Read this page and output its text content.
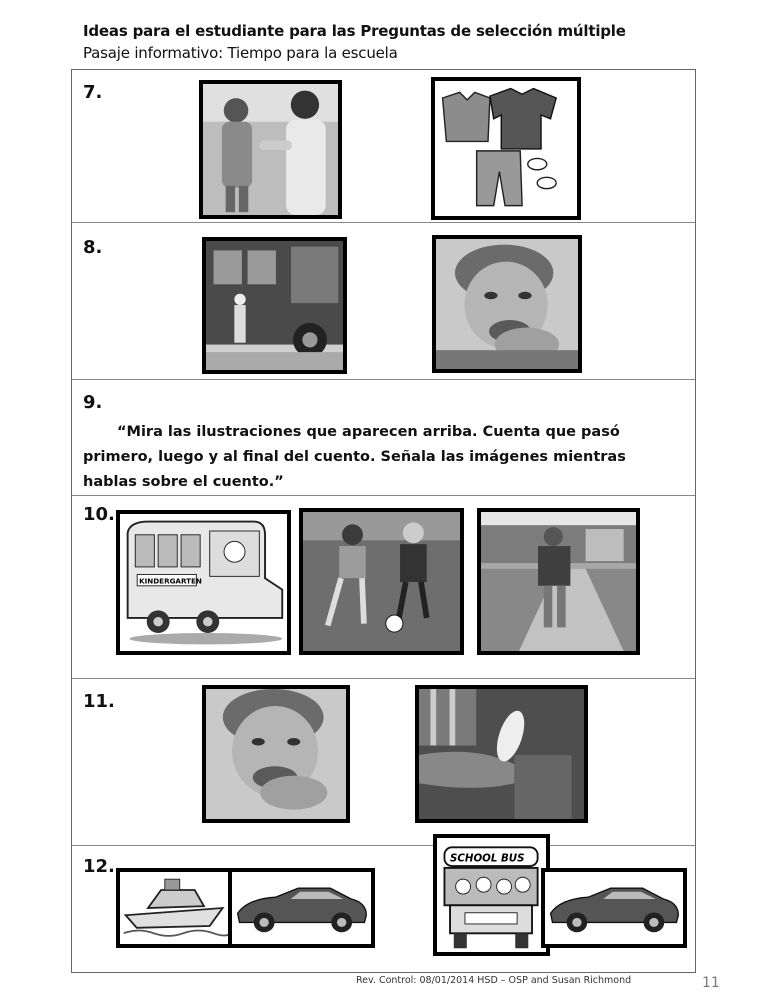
Ideas para el estudiante para las Preguntas de selección múltiple
Pasaje informativo: Tiempo para la escuela
7.
8.
9.
“Mira las ilustraciones que aparecen arriba. Cuenta que pasó primero, luego y al final del cuento. Señala las imágenes mientras hablas sobre el cuento.”
10.
KINDERGARTEN
11.
12.	SCHOOL BUS
Rev. Control: 08/01/2014 HSD – OSP and Susan Richmond	11
